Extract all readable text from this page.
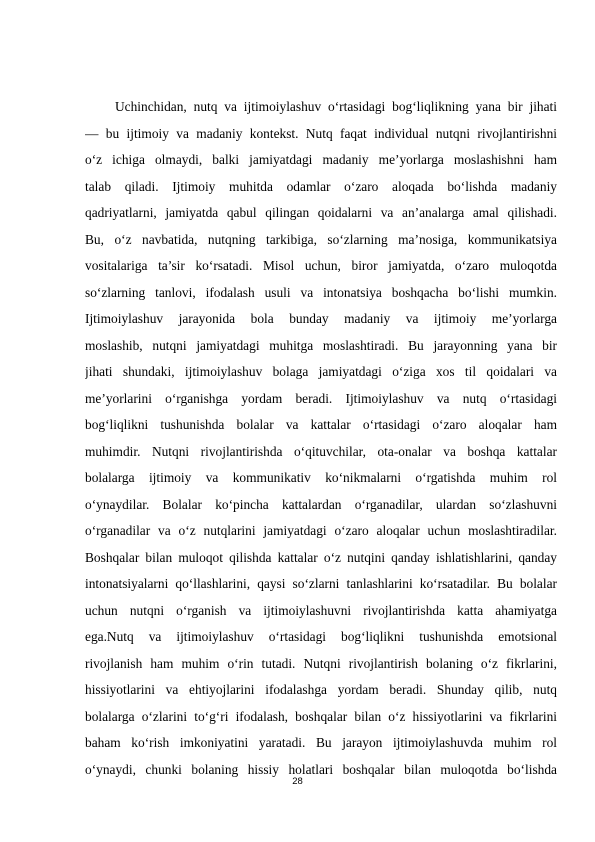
Uchinchidan, nutq va ijtimoiylashuv o‘rtasidagi bog‘liqlikning yana bir jihati
— bu ijtimoiy va madaniy kontekst. Nutq faqat individual nutqni rivojlantirishni
o‘z ichiga olmaydi, balki jamiyatdagi madaniy me’yorlarga moslashishni ham
talab qiladi. Ijtimoiy muhitda odamlar o‘zaro aloqada bo‘lishda madaniy
qadriyatlarni, jamiyatda qabul qilingan qoidalarni va an’analarga amal qilishadi.
Bu, o‘z navbatida, nutqning tarkibiga, so‘zlarning ma’nosiga, kommunikatsiya
vositalariga ta’sir ko‘rsatadi. Misol uchun, biror jamiyatda, o‘zaro muloqotda
so‘zlarning tanlovi, ifodalash usuli va intonatsiya boshqacha bo‘lishi mumkin.
Ijtimoiylashuv jarayonida bola bunday madaniy va ijtimoiy me’yorlarga
moslashib, nutqni jamiyatdagi muhitga moslashtiradi. Bu jarayonning yana bir
jihati shundaki, ijtimoiylashuv bolaga jamiyatdagi o‘ziga xos til qoidalari va
me’yorlarini o‘rganishga yordam beradi. Ijtimoiylashuv va nutq o‘rtasidagi
bog‘liqlikni tushunishda bolalar va kattalar o‘rtasidagi o‘zaro aloqalar ham
muhimdir. Nutqni rivojlantirishda o‘qituvchilar, ota-onalar va boshqa kattalar
bolalarga ijtimoiy va kommunikativ ko‘nikmalarni o‘rgatishda muhim rol
o‘ynaydilar. Bolalar ko‘pincha kattalardan o‘rganadilar, ulardan so‘zlashuvni
o‘rganadilar va o‘z nutqlarini jamiyatdagi o‘zaro aloqalar uchun moslashtiradilar.
Boshqalar bilan muloqot qilishda kattalar o‘z nutqini qanday ishlatishlarini, qanday
intonatsiyalarni qo‘llashlarini, qaysi so‘zlarni tanlashlarini ko‘rsatadilar. Bu bolalar
uchun nutqni o‘rganish va ijtimoiylashuvni rivojlantirishda katta ahamiyatga
ega.Nutq va ijtimoiylashuv o‘rtasidagi bog‘liqlikni tushunishda emotsional
rivojlanish ham muhim o‘rin tutadi. Nutqni rivojlantirish bolaning o‘z fikrlarini,
hissiyotlarini va ehtiyojlarini ifodalashga yordam beradi. Shunday qilib, nutq
bolalarga o‘zlarini to‘g‘ri ifodalash, boshqalar bilan o‘z hissiyotlarini va fikrlarini
baham ko‘rish imkoniyatini yaratadi. Bu jarayon ijtimoiylashuvda muhim rol
o‘ynaydi, chunki bolaning hissiy holatlari boshqalar bilan muloqotda bo‘lishda
28
